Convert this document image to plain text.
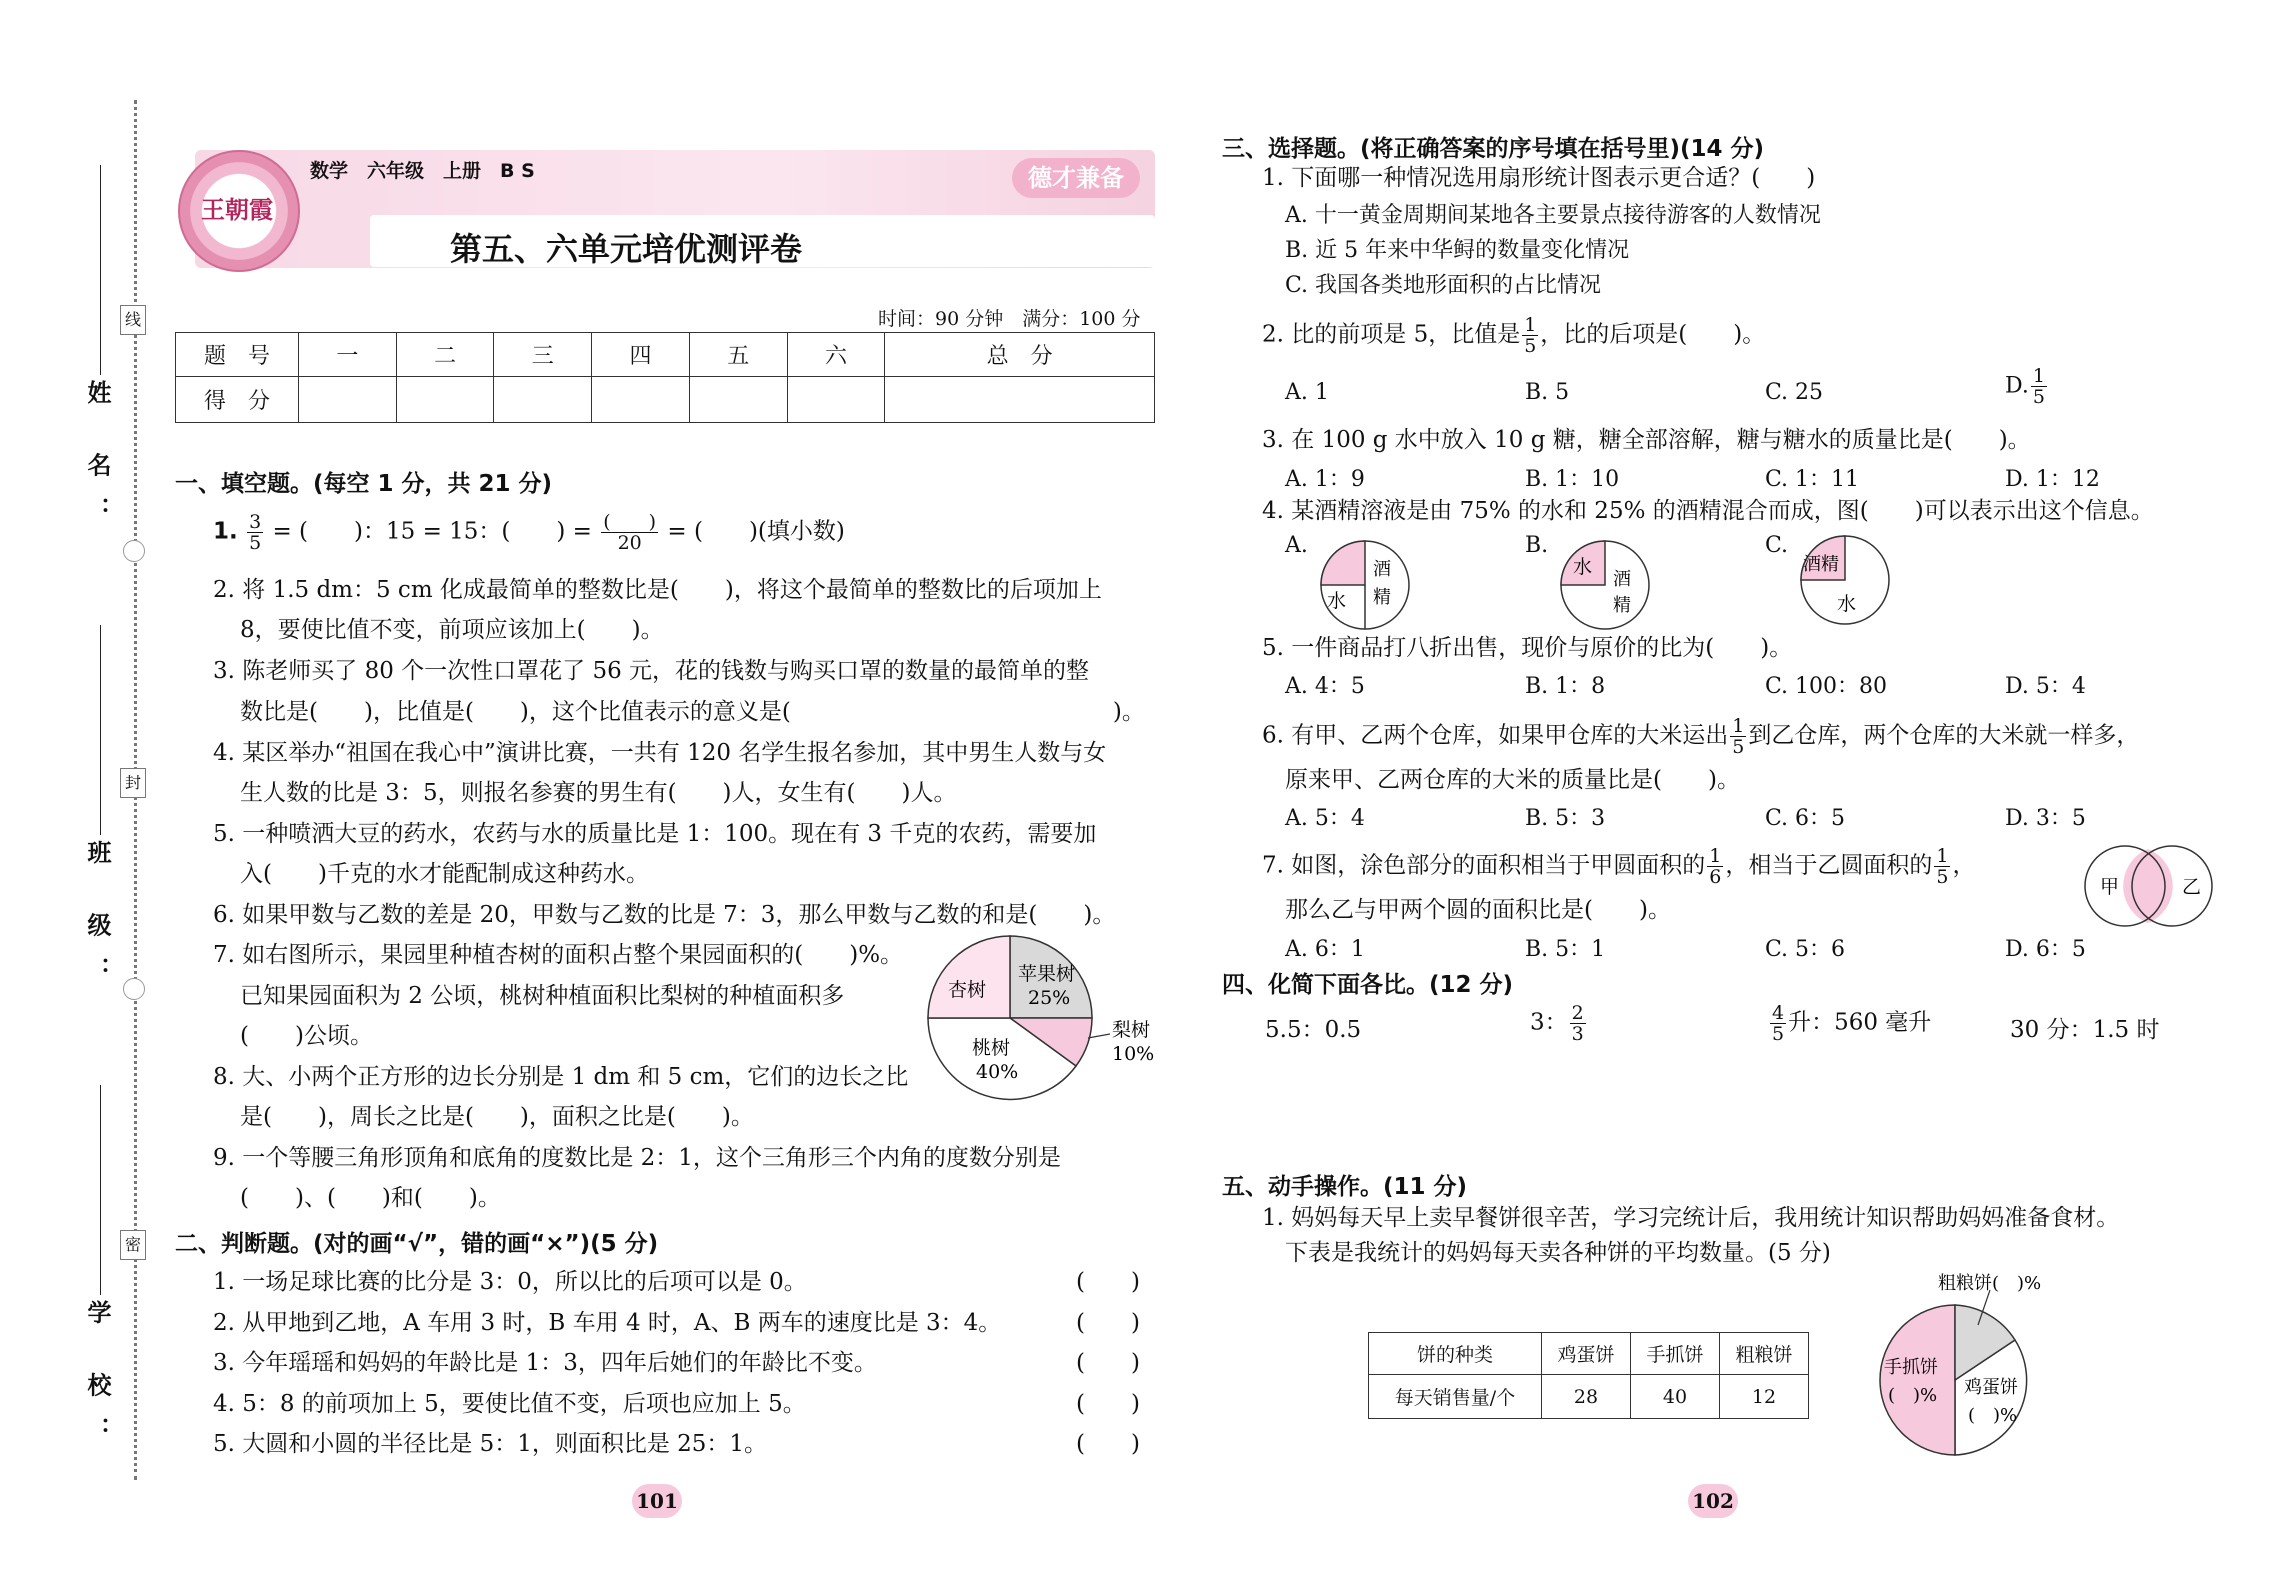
线
封
密
姓 名：
班 级：
学 校：
王朝霞
数学　六年级　上册　B S	德才兼备
第五、六单元培优测评卷
时间：90 分钟　满分：100 分
题　号	一	二	三	四	五	六	总　分
得　分							
一、填空题。(每空 1 分，共 21 分)
1. $\frac{3}{5}$ = (　　)：15 = 15：(　　) = $\frac{( )}{20}$ = (　　)(填小数)
2. 将 1.5 dm：5 cm 化成最简单的整数比是(　　)，将这个最简单的整数比的后项加上
8，要使比值不变，前项应该加上(　　)。
3. 陈老师买了 80 个一次性口罩花了 56 元，花的钱数与购买口罩的数量的最简单的整
数比是(　　)，比值是(　　)，这个比值表示的意义是(　　　　　　　　　　　　　　)。
4. 某区举办“祖国在我心中”演讲比赛，一共有 120 名学生报名参加，其中男生人数与女
生人数的比是 3：5，则报名参赛的男生有(　　)人，女生有(　　)人。
5. 一种喷洒大豆的药水，农药与水的质量比是 1：100。现在有 3 千克的农药，需要加
入(　　)千克的水才能配制成这种药水。
6. 如果甲数与乙数的差是 20，甲数与乙数的比是 7：3，那么甲数与乙数的和是(　　)。
7. 如右图所示，果园里种植杏树的面积占整个果园面积的(　　)%。
已知果园面积为 2 公顷，桃树种植面积比梨树的种植面积多
(　　)公顷。
8. 大、小两个正方形的边长分别是 1 dm 和 5 cm，它们的边长之比
是(　　)，周长之比是(　　)，面积之比是(　　)。
9. 一个等腰三角形顶角和底角的度数比是 2：1，这个三角形三个内角的度数分别是
(　　)、(　　)和(　　)。
杏树
苹果树
25%
梨树
10%
桃树
40%
二、判断题。(对的画“√”，错的画“×”)(5 分)
1. 一场足球比赛的比分是 3：0，所以比的后项可以是 0。
2. 从甲地到乙地，A 车用 3 时，B 车用 4 时，A、B 两车的速度比是 3：4。
3. 今年瑶瑶和妈妈的年龄比是 1：3，四年后她们的年龄比不变。
4. 5：8 的前项加上 5，要使比值不变，后项也应加上 5。
5. 大圆和小圆的半径比是 5：1，则面积比是 25：1。
(　　)
(　　)
(　　)
(　　)
(　　)
101
三、选择题。(将正确答案的序号填在括号里)(14 分)
1. 下面哪一种情况选用扇形统计图表示更合适？(　　)
A. 十一黄金周期间某地各主要景点接待游客的人数情况
B. 近 5 年来中华鲟的数量变化情况
C. 我国各类地形面积的占比情况
2. 比的前项是 5，比值是 $\frac{1}{5}$ ，比的后项是(　　)。
A. 1	B. 5	C. 25	D. $\frac{1}{5}$
3. 在 100 g 水中放入 10 g 糖，糖全部溶解，糖与糖水的质量比是(　　)。
A. 1：9	B. 1：10	C. 1：11	D. 1：12
4. 某酒精溶液是由 75% 的水和 25% 的酒精混合而成，图(　　)可以表示出这个信息。
A.	B.	C.
水
酒
精
水
酒
精
酒精
水
5. 一件商品打八折出售，现价与原价的比为(　　)。
A. 4：5	B. 1：8	C. 100：80	D. 5：4
6. 有甲、乙两个仓库，如果甲仓库的大米运出 $\frac{1}{5}$ 到乙仓库，两个仓库的大米就一样多，
原来甲、乙两仓库的大米的质量比是(　　)。
A. 5：4	B. 5：3	C. 6：5	D. 3：5
7. 如图，涂色部分的面积相当于甲圆面积的 $\frac{1}{6}$ ，相当于乙圆面积的 $\frac{1}{5}$ ，
那么乙与甲两个圆的面积比是(　　)。
A. 6：1	B. 5：1	C. 5：6	D. 6：5
甲	乙
四、化简下面各比。(12 分)
5.5：0.5	3： $\frac{2}{3}$	$\frac{4}{5}$ 升：560 毫升	30 分：1.5 时
五、动手操作。(11 分)
1. 妈妈每天早上卖早餐饼很辛苦，学习完统计后，我用统计知识帮助妈妈准备食材。
下表是我统计的妈妈每天卖各种饼的平均数量。(5 分)
饼的种类	鸡蛋饼	手抓饼	粗粮饼
每天销售量/个	28	40	12
粗粮饼(　)%
手抓饼
(　)% 鸡蛋饼
(　)%
102
